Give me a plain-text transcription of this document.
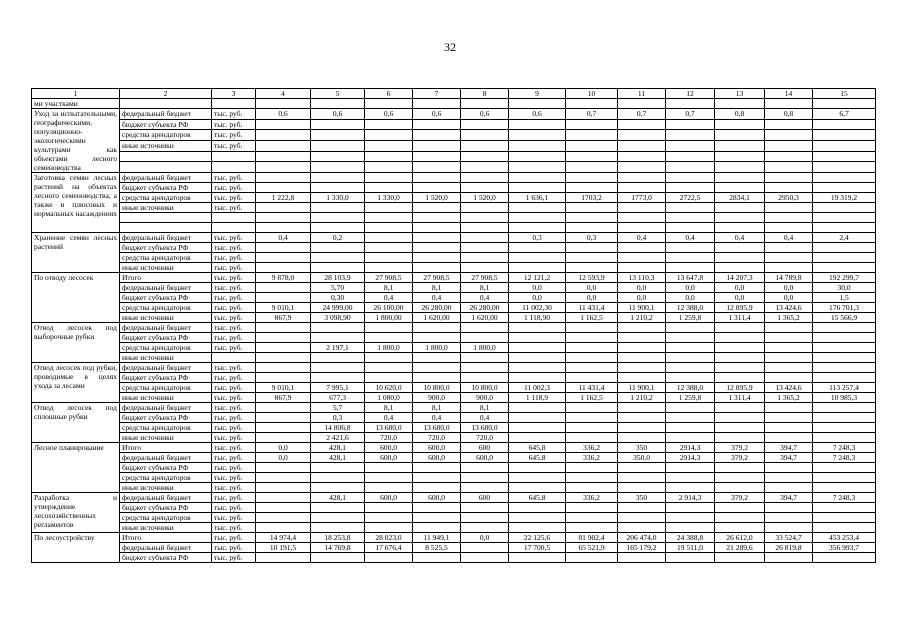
32
1	2	3	4	5	6	7	8	9	10	11	12	13	14	15
ми участками														
Уход за испытательными, географическими, популяционно-экологическими культурами как объектами лесного семеноводства	федеральный бюджет	тыс. руб.	0,6	0,6	0,6	0,6	0,6	0,6	0,7	0,7	0,7	0,8	0,8	6,7
	бюджет субъекта РФ	тыс. руб.												
	средства арендаторов	тыс. руб.												
	иные источники	тыс. руб.												

Заготовка семян лесных растений на объектах лесного семеноводства, а также в плюсовых и нормальных насаждениях	федеральный бюджет	тыс. руб.												
	бюджет субъекта РФ	тыс. руб.												
	средства арендаторов	тыс. руб.	1 222,8	1 330,0	1 330,0	1 520,0	1 520,0	1 636,1	1703,2	1773,0	2722,5	2834,1	2950,3	19 319,2
	иные источники	тыс. руб.												

Хранение семян лесных растений	федеральный бюджет	тыс. руб.	0,4	0,2				0,3	0,3	0,4	0,4	0,4	0,4	2,4
	бюджет субъекта РФ	тыс. руб.												
	средства арендаторов	тыс. руб.												
	иные источники	тыс. руб.												
По отводу лесосек	Итого	тыс. руб.	9 878,0	28 103,9	27 908,5	27 908,5	27 908,5	12 121,2	12 593,9	13 110,3	13 647,8	14 207,3	14 789,8	192 299,7
	федеральный бюджет	тыс. руб.		5,70	8,1	8,1	8,1	0,0	0,0	0,0	0,0	0,0	0,0	30,0
	бюджет субъекта РФ	тыс. руб.		0,30	0,4	0,4	0,4	0,0	0,0	0,0	0,0	0,0	0,0	1,5
	средства арендаторов	тыс. руб.	9 010,1	24 999,00	26 100,00	26 280,00	26 280,00	11 002,30	11 431,4	11 900,1	12 388,0	12 895,9	13 424,6	176 701,3
	иные источники	тыс. руб.	867,9	3 098,90	1 800,00	1 620,00	1 620,00	1 118,90	1 162,5	1 210,2	1 259,8	1 311,4	1 365,2	15 566,9
Отвод лесосек под выборочные рубки	федеральный бюджет	тыс. руб.												
	бюджет субъекта РФ	тыс. руб.												
	средства арендаторов	тыс. руб.		2 197,1	1 800,0	1 800,0	1 800,0							
	иные источники													
Отвод лесосек под рубки, проводимые в целях ухода за лесами	федеральный бюджет	тыс. руб.												
	бюджет субъекта РФ	тыс. руб.												
	средства арендаторов	тыс. руб.	9 010,1	7 995,1	10 620,0	10 800,0	10 800,0	11 002,3	11 431,4	11 900,1	12 388,0	12 895,9	13 424,6	113 257,4
	иные источники	тыс. руб.	867,9	677,3	1 080,0	900,0	900,0	1 118,9	1 162,5	1 210,2	1 259,8	1 311,4	1 365,2	10 985,3
Отвод лесосек под сплошные рубки	федеральный бюджет	тыс. руб.		5,7	8,1	8,1	8,1							
	бюджет субъекта РФ	тыс. руб.		0,3	0,4	0,4	0,4							
	средства арендаторов	тыс. руб.		14 806,8	13 680,0	13 680,0	13 680,0							
	иные источники	тыс. руб.		2 421,6	720,0	720,0	720,0							
Лесное планирование	Итого	тыс. руб.	0,0	428,1	600,0	600,0	600	645,8	336,2	350	2914,3	379,2	394,7	7 248,3
	федеральный бюджет	тыс. руб.	0,0	428,1	600,0	600,0	600,0	645,8	336,2	350,0	2914,3	379,2	394,7	7 248,3
	бюджет субъекта РФ	тыс. руб.												
	средства арендаторов	тыс. руб.												
	иные источники	тыс. руб.												
Разработка и утверждение лесохозяйственных регламентов	федеральный бюджет	тыс. руб.		428,1	600,0	600,0	600	645,8	336,2	350	2 914,3	379,2	394,7	7 248,3
	бюджет субъекта РФ	тыс. руб.												
	средства арендаторов	тыс. руб.												
	иные источники	тыс. руб.												
По лесоустройству	Итого	тыс. руб.	14 974,4	18 253,8	28 023,0	11 949,1	0,0	22 125,6	81 902,4	206 474,0	24 388,8	26 612,0	33 524,7	453 253,4
	федеральный бюджет	тыс. руб.	10 191,5	14 769,8	17 676,4	8 525,5		17 700,5	65 521,9	165 179,2	19 511,0	21 289,6	26 819,8	356 993,7
	бюджет субъекта РФ	тыс. руб.												
